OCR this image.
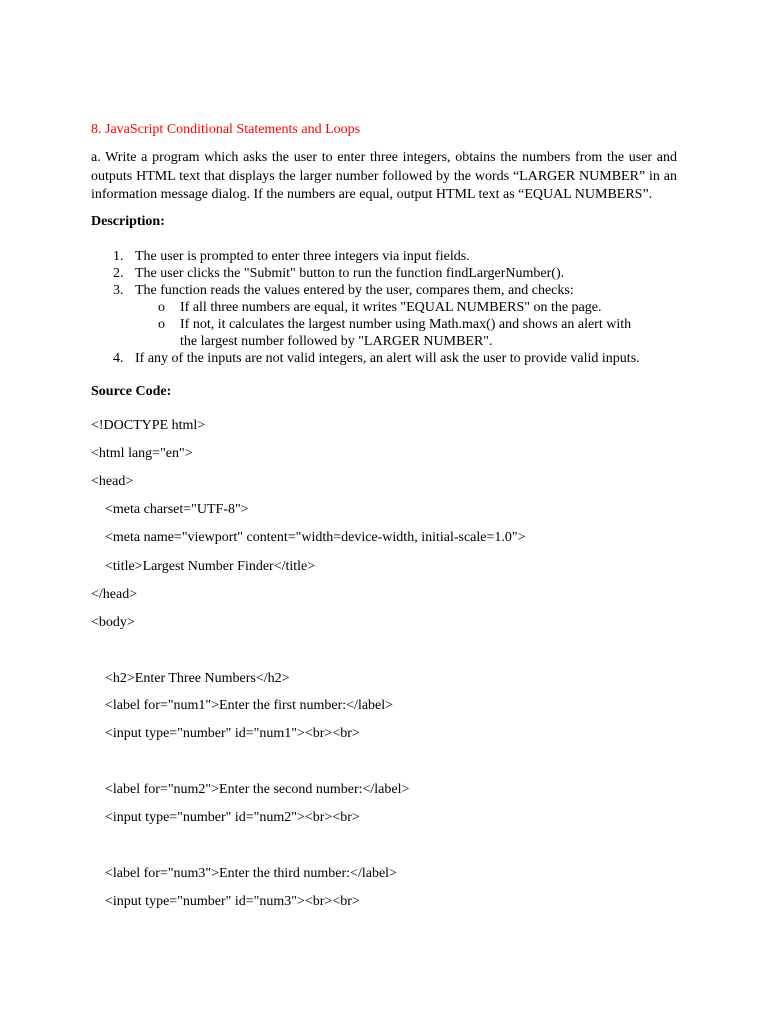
8. JavaScript Conditional Statements and Loops
a. Write a program which asks the user to enter three integers, obtains the numbers from the user and outputs HTML text that displays the larger number followed by the words “LARGER NUMBER” in an information message dialog. If the numbers are equal, output HTML text as “EQUAL NUMBERS”.
Description:
1. The user is prompted to enter three integers via input fields.
2. The user clicks the "Submit" button to run the function findLargerNumber().
3. The function reads the values entered by the user, compares them, and checks:
o If all three numbers are equal, it writes "EQUAL NUMBERS" on the page.
o If not, it calculates the largest number using Math.max() and shows an alert with the largest number followed by "LARGER NUMBER".
4. If any of the inputs are not valid integers, an alert will ask the user to provide valid inputs.
Source Code:
<!DOCTYPE html>
<html lang="en">
<head>
<meta charset="UTF-8">
<meta name="viewport" content="width=device-width, initial-scale=1.0">
<title>Largest Number Finder</title>
</head>
<body>
<h2>Enter Three Numbers</h2>
<label for="num1">Enter the first number:</label>
<input type="number" id="num1"><br><br>
<label for="num2">Enter the second number:</label>
<input type="number" id="num2"><br><br>
<label for="num3">Enter the third number:</label>
<input type="number" id="num3"><br><br>
